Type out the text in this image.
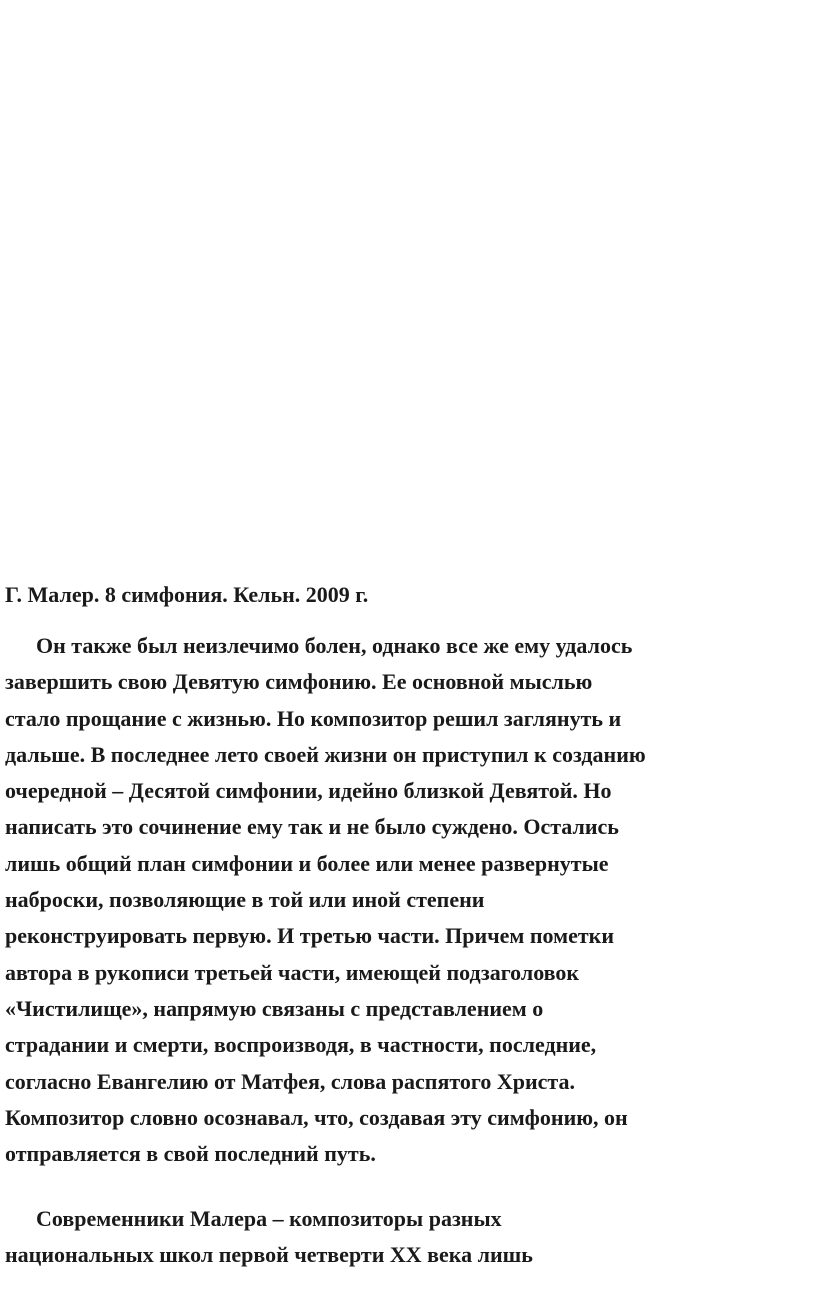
Г. Малер. 8 симфония. Кельн. 2009 г.

Он также был неизлечимо болен, однако все же ему удалось
завершить свою Девятую симфонию. Ее основной мыслью
стало прощание с жизнью. Но композитор решил заглянуть и
дальше. В последнее лето своей жизни он приступил к созданию
очередной – Десятой симфонии, идейно близкой Девятой. Но
написать это сочинение ему так и не было суждено. Остались
лишь общий план симфонии и более или менее развернутые
наброски, позволяющие в той или иной степени
реконструировать первую. И третью части. Причем пометки
автора в рукописи третьей части, имеющей подзаголовок
«Чистилище», напрямую связаны с представлением о
страдании и смерти, воспроизводя, в частности, последние,
согласно Евангелию от Матфея, слова распятого Христа.
Композитор словно осознавал, что, создавая эту симфонию, он
отправляется в свой последний путь.
Современники Малера – композиторы разных
национальных школ первой четверти XX века лишь
